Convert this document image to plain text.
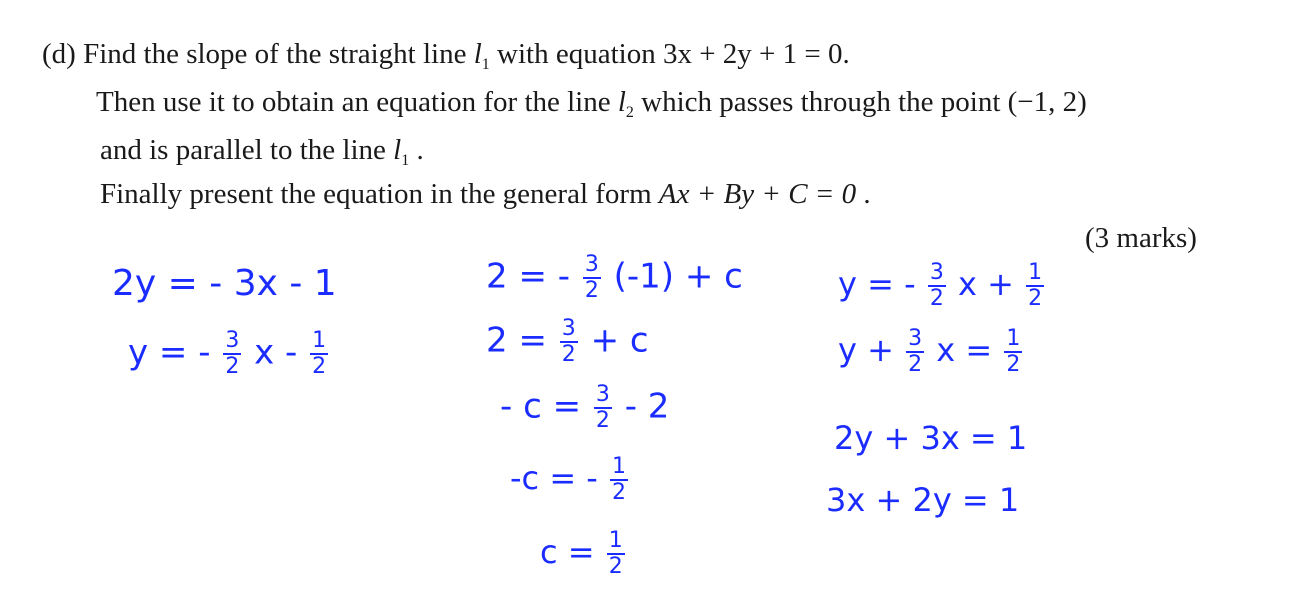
(d) Find the slope of the straight line $l_1$ with equation 3x + 2y + 1 = 0.
Then use it to obtain an equation for the line $l_2$ which passes through the point (−1, 2)
and is parallel to the line $l_1$ .
Finally present the equation in the general form Ax + By + C = 0 .
(3 marks)
2y = - 3x - 1
y = - $\frac{3}{2}$ x - $\frac{1}{2}$
2 = - $\frac{3}{2} (-1) + c$
$2 = \frac{3}{2} + c$
- $c = \frac{3}{2} - 2$
-c = - $\frac{1}{2}$
$c = \frac{1}{2}$
y = - $\frac{3}{2}$ $x + \frac{1}{2}$
$y + \frac{3}{2}$ $x = \frac{1}{2}$
2y + 3x = 1
3x + 2y = 1
